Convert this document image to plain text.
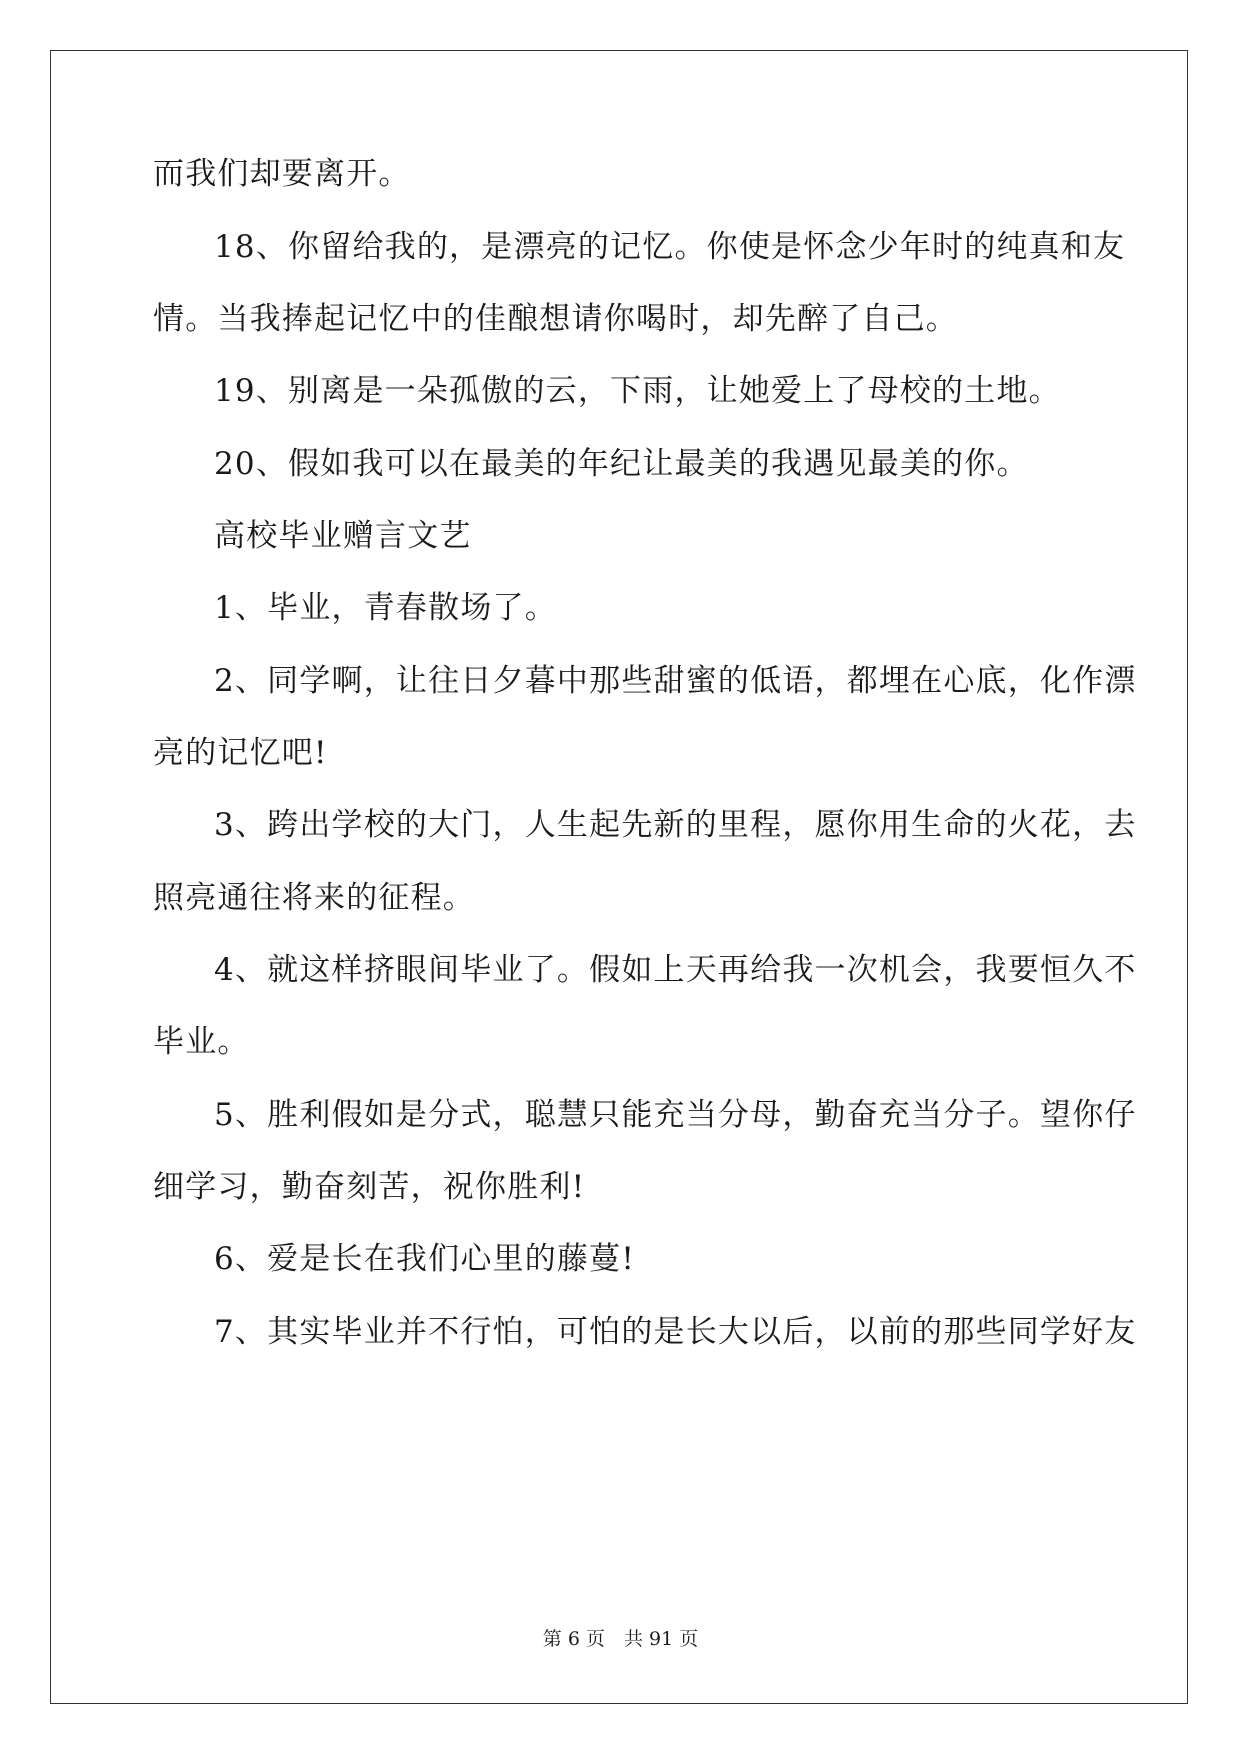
而我们却要离开。
18、你留给我的，是漂亮的记忆。你使是怀念少年时的纯真和友
情。当我捧起记忆中的佳酿想请你喝时，却先醉了自己。
19、别离是一朵孤傲的云，下雨，让她爱上了母校的土地。
20、假如我可以在最美的年纪让最美的我遇见最美的你。
高校毕业赠言文艺
1、毕业，青春散场了。
2、同学啊，让往日夕暮中那些甜蜜的低语，都埋在心底，化作漂
亮的记忆吧!
3、跨出学校的大门，人生起先新的里程，愿你用生命的火花，去
照亮通往将来的征程。
4、就这样挤眼间毕业了。假如上天再给我一次机会，我要恒久不
毕业。
5、胜利假如是分式，聪慧只能充当分母，勤奋充当分子。望你仔
细学习，勤奋刻苦，祝你胜利!
6、爱是长在我们心里的藤蔓!
7、其实毕业并不行怕，可怕的是长大以后，以前的那些同学好友
第 6 页　共 91 页
